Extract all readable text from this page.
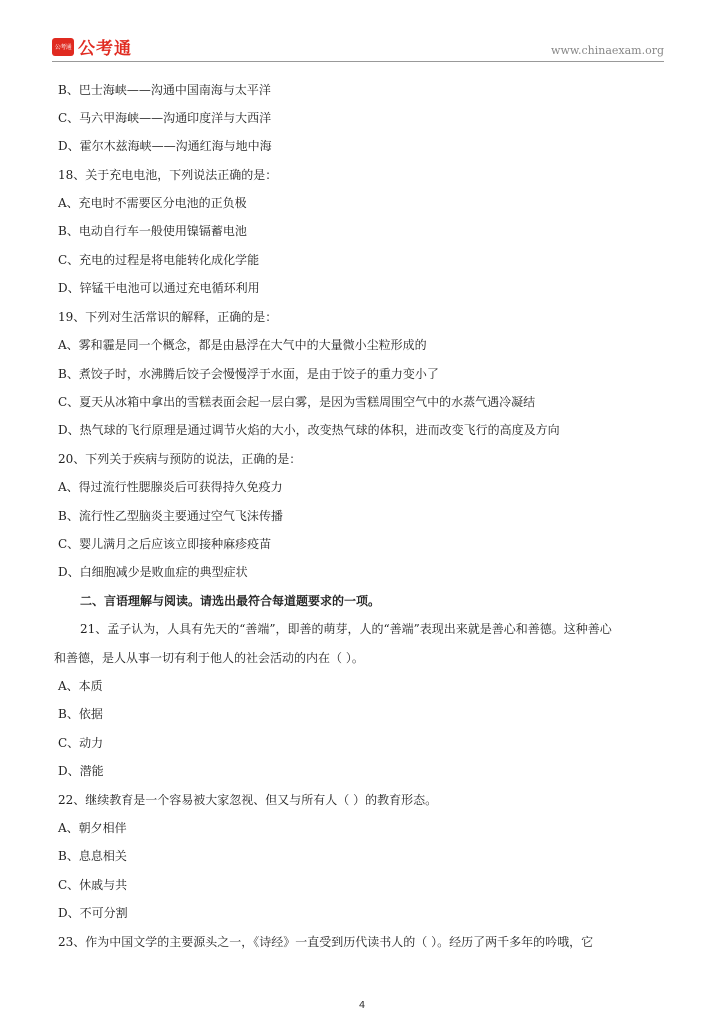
公考通 公考通	www.chinaexam.org
B、巴士海峡——沟通中国南海与太平洋
C、马六甲海峡——沟通印度洋与大西洋
D、霍尔木兹海峡——沟通红海与地中海
18、关于充电电池，下列说法正确的是：
A、充电时不需要区分电池的正负极
B、电动自行车一般使用镍镉蓄电池
C、充电的过程是将电能转化成化学能
D、锌锰干电池可以通过充电循环利用
19、下列对生活常识的解释，正确的是：
A、雾和霾是同一个概念，都是由悬浮在大气中的大量微小尘粒形成的
B、煮饺子时，水沸腾后饺子会慢慢浮于水面，是由于饺子的重力变小了
C、夏天从冰箱中拿出的雪糕表面会起一层白雾，是因为雪糕周围空气中的水蒸气遇冷凝结
D、热气球的飞行原理是通过调节火焰的大小，改变热气球的体积，进而改变飞行的高度及方向
20、下列关于疾病与预防的说法，正确的是：
A、得过流行性腮腺炎后可获得持久免疫力
B、流行性乙型脑炎主要通过空气飞沫传播
C、婴儿满月之后应该立即接种麻疹疫苗
D、白细胞减少是败血症的典型症状
二、言语理解与阅读。请选出最符合每道题要求的一项。
21、孟子认为，人具有先天的“善端”，即善的萌芽，人的“善端”表现出来就是善心和善德。这种善心
和善德，是人从事一切有利于他人的社会活动的内在（ ）。
A、本质
B、依据
C、动力
D、潜能
22、继续教育是一个容易被大家忽视、但又与所有人（ ）的教育形态。
A、朝夕相伴
B、息息相关
C、休戚与共
D、不可分割
23、作为中国文学的主要源头之一，《诗经》一直受到历代读书人的（ ）。经历了两千多年的吟哦，它
4
